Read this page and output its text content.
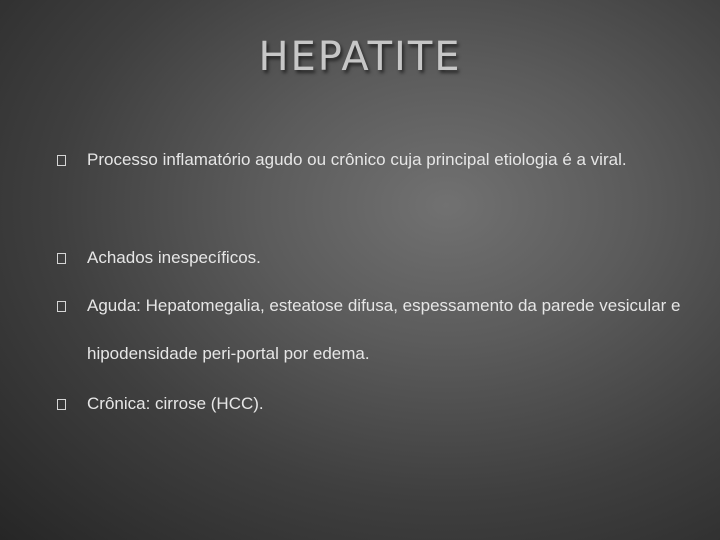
HEPATITE
Processo inflamatório agudo ou crônico cuja principal etiologia é a viral.
Achados inespecíficos.
Aguda: Hepatomegalia, esteatose difusa, espessamento da parede vesicular e hipodensidade peri-portal por edema.
Crônica: cirrose (HCC).
